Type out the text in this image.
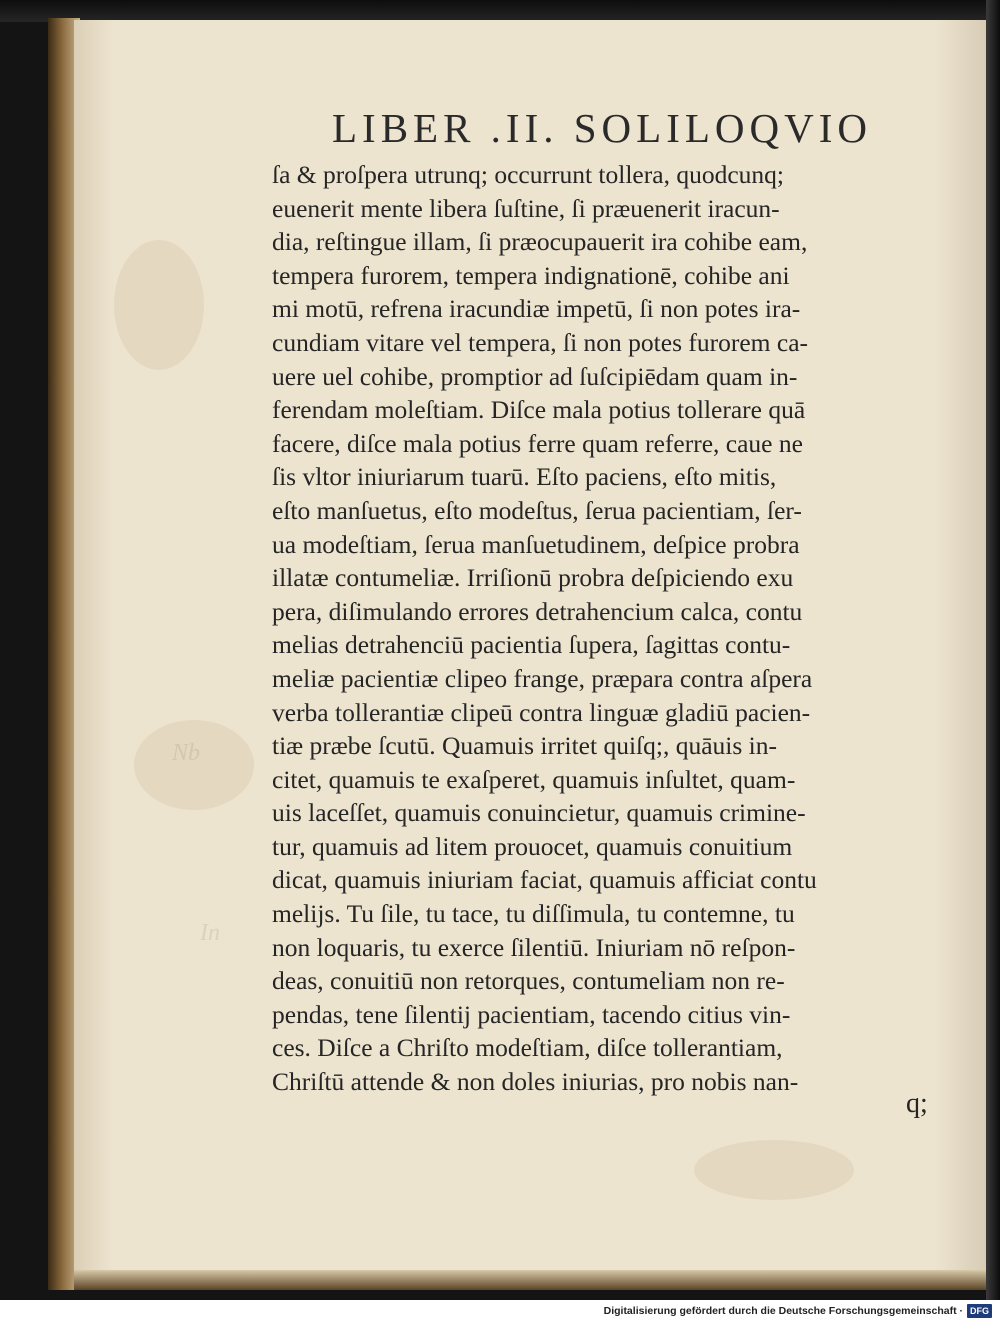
Nb
In
LIBER .II. SOLILOQVIO
ſa & proſpera utrunq; occurrunt tollera, quodcunq;
euenerit mente libera ſuſtine, ſi præuenerit iracun-
dia, reſtingue illam, ſi præocupauerit ira cohibe eam,
tempera furorem, tempera indignationē, cohibe ani
mi motū, refrena iracundiæ impetū, ſi non potes ira-
cundiam vitare vel tempera, ſi non potes furorem ca-
uere uel cohibe, promptior ad ſuſcipiēdam quam in-
ferendam moleſtiam. Diſce mala potius tollerare quā
facere, diſce mala potius ferre quam referre, caue ne
ſis vltor iniuriarum tuarū. Eſto paciens, eſto mitis,
eſto manſuetus, eſto modeſtus, ſerua pacientiam, ſer-
ua modeſtiam, ſerua manſuetudinem, deſpice probra
illatæ contumeliæ. Irriſionū probra deſpiciendo exu
pera, diſimulando errores detrahencium calca, contu
melias detrahenciū pacientia ſupera, ſagittas contu-
meliæ pacientiæ clipeo frange, præpara contra aſpera
verba tollerantiæ clipeū contra linguæ gladiū pacien-
tiæ præbe ſcutū. Quamuis irritet quiſq;, quāuis in-
citet, quamuis te exaſperet, quamuis inſultet, quam-
uis laceſſet, quamuis conuincietur, quamuis crimine-
tur, quamuis ad litem prouocet, quamuis conuitium
dicat, quamuis iniuriam faciat, quamuis afficiat contu
melijs. Tu ſile, tu tace, tu diſſimula, tu contemne, tu
non loquaris, tu exerce ſilentiū. Iniuriam nō reſpon-
deas, conuitiū non retorques, contumeliam non re-
pendas, tene ſilentij pacientiam, tacendo citius vin-
ces. Diſce a Chriſto modeſtiam, diſce tollerantiam,
Chriſtū attende & non doles iniurias, pro nobis nan-
q;
Digitalisierung gefördert durch die Deutsche Forschungsgemeinschaft · DFG
